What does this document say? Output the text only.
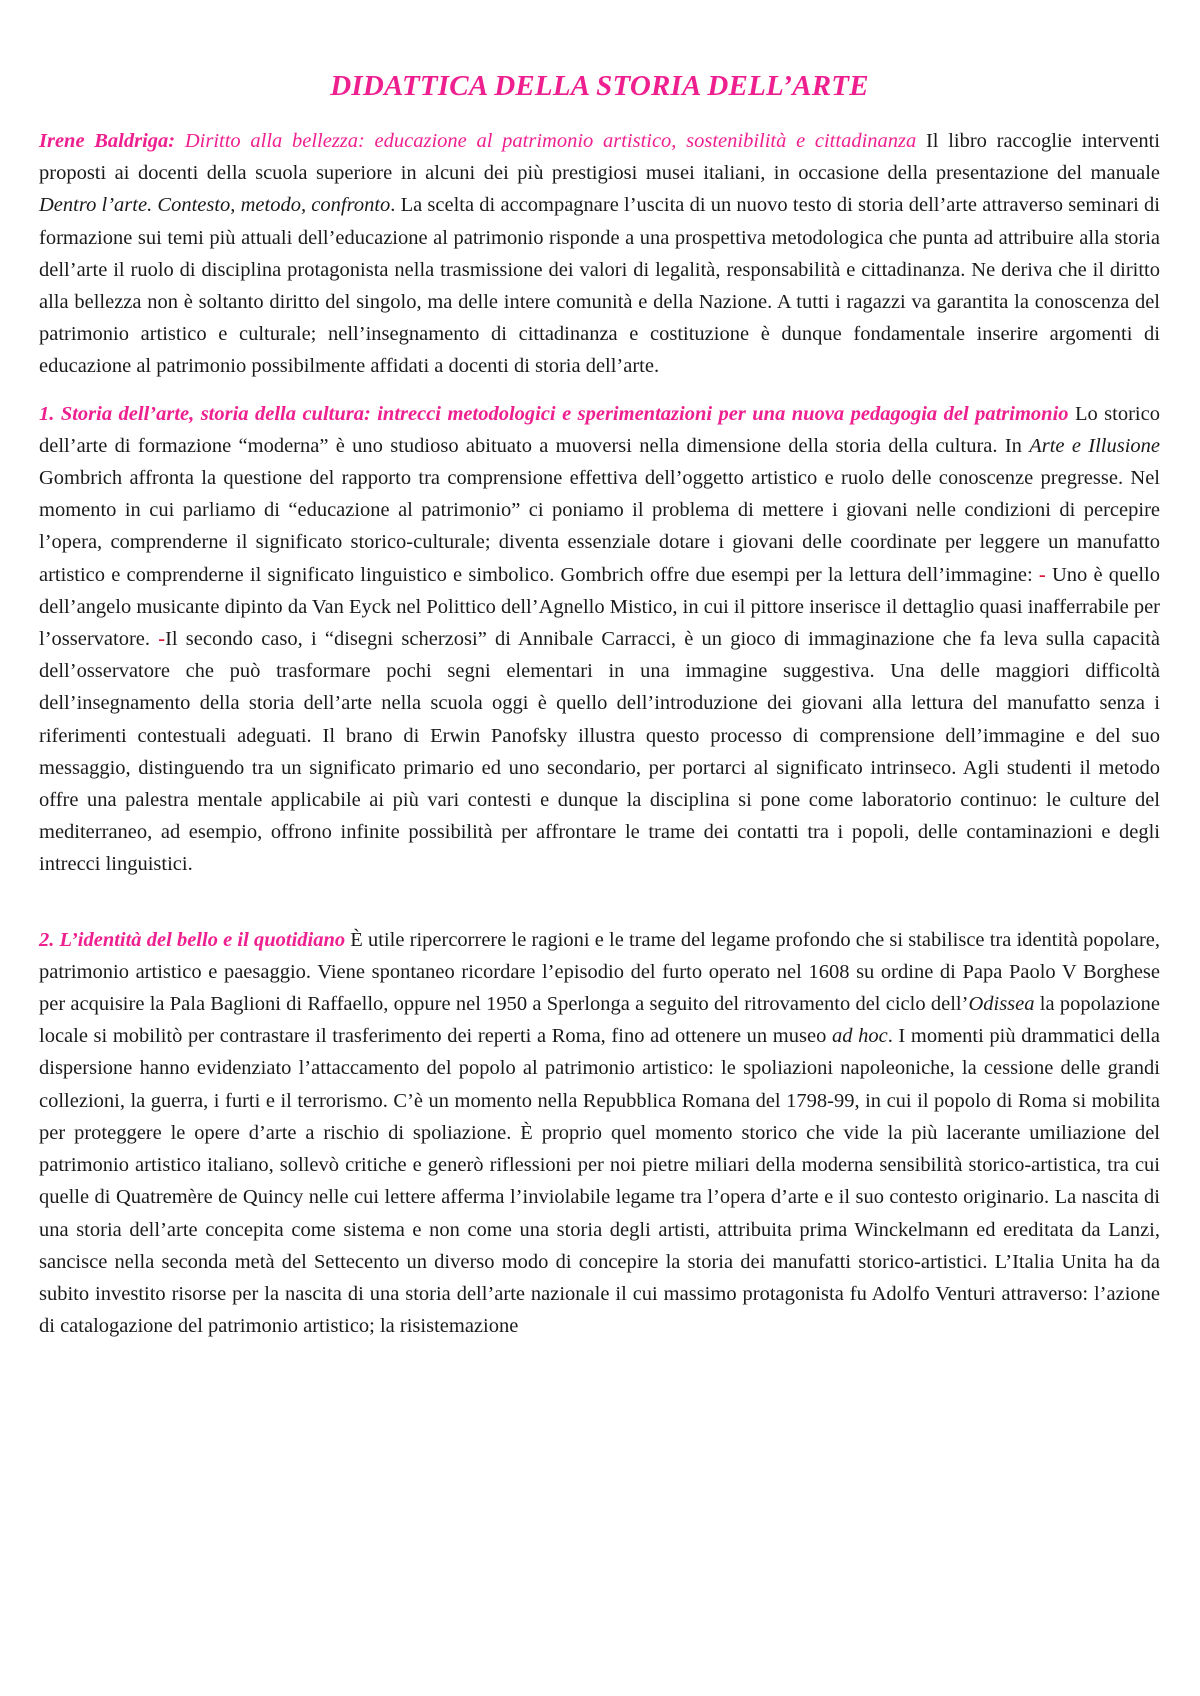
DIDATTICA DELLA STORIA DELL’ARTE

Irene Baldriga: Diritto alla bellezza: educazione al patrimonio artistico, sostenibilità e cittadinanza Il libro raccoglie interventi proposti ai docenti della scuola superiore in alcuni dei più prestigiosi musei italiani, in occasione della presentazione del manuale Dentro l’arte. Contesto, metodo, confronto. La scelta di accompagnare l’uscita di un nuovo testo di storia dell’arte attraverso seminari di formazione sui temi più attuali dell’educazione al patrimonio risponde a una prospettiva metodologica che punta ad attribuire alla storia dell’arte il ruolo di disciplina protagonista nella trasmissione dei valori di legalità, responsabilità e cittadinanza. Ne deriva che il diritto alla bellezza non è soltanto diritto del singolo, ma delle intere comunità e della Nazione. A tutti i ragazzi va garantita la conoscenza del patrimonio artistico e culturale; nell’insegnamento di cittadinanza e costituzione è dunque fondamentale inserire argomenti di educazione al patrimonio possibilmente affidati a docenti di storia dell’arte.

1. Storia dell’arte, storia della cultura: intrecci metodologici e sperimentazioni per una nuova pedagogia del patrimonio Lo storico dell’arte di formazione “moderna” è uno studioso abituato a muoversi nella dimensione della storia della cultura. In Arte e Illusione Gombrich affronta la questione del rapporto tra comprensione effettiva dell’oggetto artistico e ruolo delle conoscenze pregresse. Nel momento in cui parliamo di “educazione al patrimonio” ci poniamo il problema di mettere i giovani nelle condizioni di percepire l’opera, comprenderne il significato storico-culturale; diventa essenziale dotare i giovani delle coordinate per leggere un manufatto artistico e comprenderne il significato linguistico e simbolico. Gombrich offre due esempi per la lettura dell’immagine: - Uno è quello dell’angelo musicante dipinto da Van Eyck nel Polittico dell’Agnello Mistico, in cui il pittore inserisce il dettaglio quasi inafferrabile per l’osservatore. -Il secondo caso, i “disegni scherzosi” di Annibale Carracci, è un gioco di immaginazione che fa leva sulla capacità dell’osservatore che può trasformare pochi segni elementari in una immagine suggestiva. Una delle maggiori difficoltà dell’insegnamento della storia dell’arte nella scuola oggi è quello dell’introduzione dei giovani alla lettura del manufatto senza i riferimenti contestuali adeguati. Il brano di Erwin Panofsky illustra questo processo di comprensione dell’immagine e del suo messaggio, distinguendo tra un significato primario ed uno secondario, per portarci al significato intrinseco. Agli studenti il metodo offre una palestra mentale applicabile ai più vari contesti e dunque la disciplina si pone come laboratorio continuo: le culture del mediterraneo, ad esempio, offrono infinite possibilità per affrontare le trame dei contatti tra i popoli, delle contaminazioni e degli intrecci linguistici.

2. L’identità del bello e il quotidiano È utile ripercorrere le ragioni e le trame del legame profondo che si stabilisce tra identità popolare, patrimonio artistico e paesaggio. Viene spontaneo ricordare l’episodio del furto operato nel 1608 su ordine di Papa Paolo V Borghese per acquisire la Pala Baglioni di Raffaello, oppure nel 1950 a Sperlonga a seguito del ritrovamento del ciclo dell’Odissea la popolazione locale si mobilitò per contrastare il trasferimento dei reperti a Roma, fino ad ottenere un museo ad hoc. I momenti più drammatici della dispersione hanno evidenziato l’attaccamento del popolo al patrimonio artistico: le spoliazioni napoleoniche, la cessione delle grandi collezioni, la guerra, i furti e il terrorismo. C’è un momento nella Repubblica Romana del 1798-99, in cui il popolo di Roma si mobilita per proteggere le opere d’arte a rischio di spoliazione. È proprio quel momento storico che vide la più lacerante umiliazione del patrimonio artistico italiano, sollevò critiche e generò riflessioni per noi pietre miliari della moderna sensibilità storico-artistica, tra cui quelle di Quatremère de Quincy nelle cui lettere afferma l’inviolabile legame tra l’opera d’arte e il suo contesto originario. La nascita di una storia dell’arte concepita come sistema e non come una storia degli artisti, attribuita prima Winckelmann ed ereditata da Lanzi, sancisce nella seconda metà del Settecento un diverso modo di concepire la storia dei manufatti storico-artistici. L’Italia Unita ha da subito investito risorse per la nascita di una storia dell’arte nazionale il cui massimo protagonista fu Adolfo Venturi attraverso: l’azione di catalogazione del patrimonio artistico; la risistemazione
